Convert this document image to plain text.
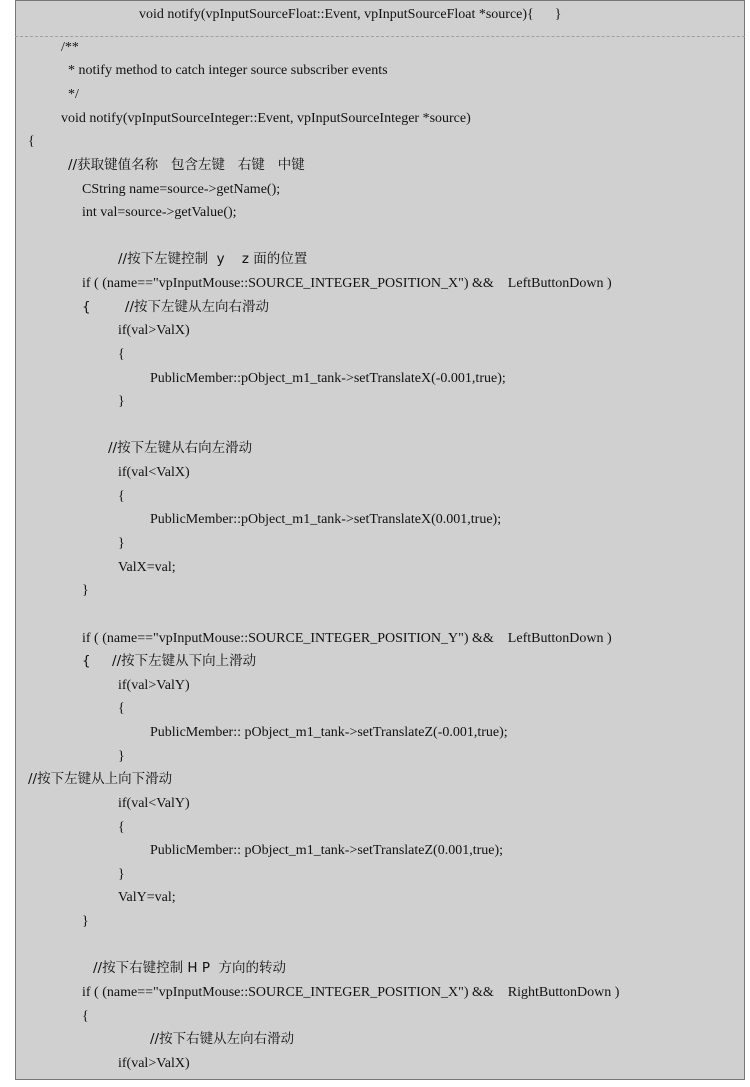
void notify(vpInputSourceFloat::Event, vpInputSourceFloat *source){      }
/**
* notify method to catch integer source subscriber events
*/
void notify(vpInputSourceInteger::Event, vpInputSourceInteger *source)
{
//获取键值名称   包含左键   右键   中键
CString name=source->getName();
int val=source->getValue();
//按下左键控制  y    z 面的位置
if ( (name=="vpInputMouse::SOURCE_INTEGER_POSITION_X") &&    LeftButtonDown )
{        //按下左键从左向右滑动
if(val>ValX)
{
PublicMember::pObject_m1_tank->setTranslateX(-0.001,true);
}
//按下左键从右向左滑动
if(val<ValX)
{
PublicMember::pObject_m1_tank->setTranslateX(0.001,true);
}
ValX=val;
}
if ( (name=="vpInputMouse::SOURCE_INTEGER_POSITION_Y") &&    LeftButtonDown )
{     //按下左键从下向上滑动
if(val>ValY)
{
PublicMember:: pObject_m1_tank->setTranslateZ(-0.001,true);
}
//按下左键从上向下滑动
if(val<ValY)
{
PublicMember:: pObject_m1_tank->setTranslateZ(0.001,true);
}
ValY=val;
}
//按下右键控制 H P  方向的转动
if ( (name=="vpInputMouse::SOURCE_INTEGER_POSITION_X") &&    RightButtonDown )
{
//按下右键从左向右滑动
if(val>ValX)
